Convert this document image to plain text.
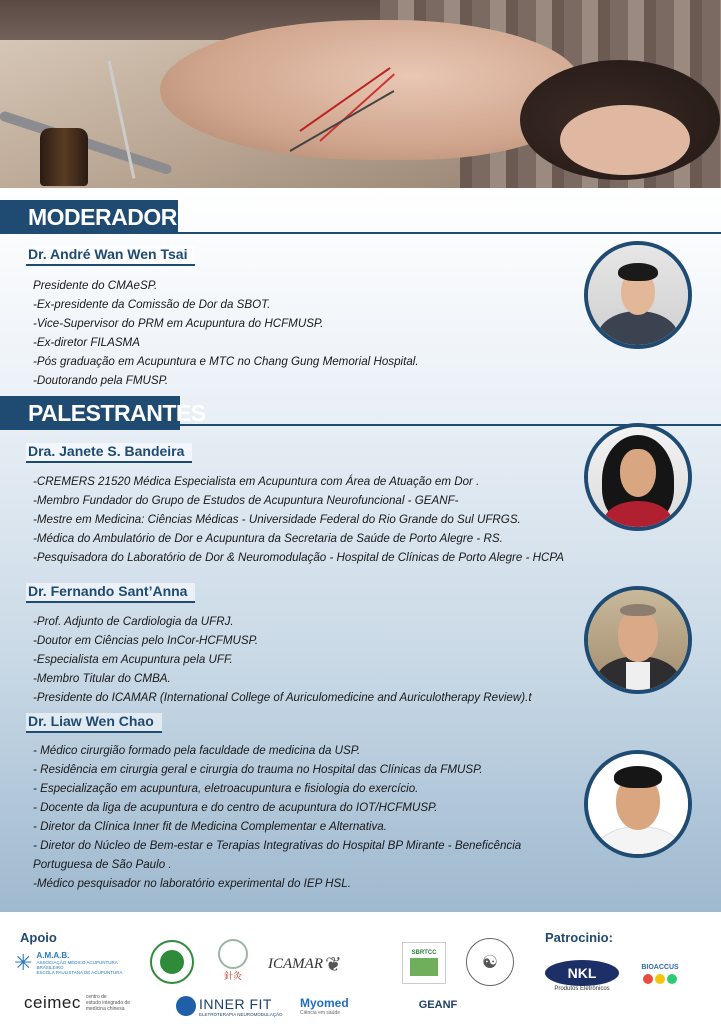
MODERADOR
Dr. André Wan Wen Tsai
Presidente do CMAeSP.
-Ex-presidente da Comissão de Dor da SBOT.
-Vice-Supervisor do PRM em Acupuntura do HCFMUSP.
-Ex-diretor FILASMA
-Pós graduação em Acupuntura e MTC no Chang Gung Memorial Hospital.
-Doutorando pela FMUSP.
PALESTRANTES
Dra. Janete S. Bandeira
-CREMERS 21520 Médica Especialista em Acupuntura com Área de Atuação em Dor .
-Membro Fundador do Grupo de Estudos de Acupuntura Neurofuncional - GEANF-
-Mestre em Medicina: Ciências Médicas - Universidade Federal do Rio Grande do Sul UFRGS.
-Médica do Ambulatório de Dor e Acupuntura da Secretaria de Saúde de Porto Alegre - RS.
-Pesquisadora do Laboratório de Dor & Neuromodulação - Hospital de Clínicas de Porto Alegre - HCPA
Dr. Fernando Sant’Anna
-Prof. Adjunto de Cardiologia da UFRJ.
-Doutor em Ciências pelo InCor-HCFMUSP.
-Especialista em Acupuntura pela UFF.
-Membro Titular do CMBA.
-Presidente do ICAMAR (International College of Auriculomedicine and Auriculotherapy Review).t
Dr. Liaw Wen Chao
- Médico cirurgião formado pela faculdade de medicina da USP.
- Residência em cirurgia geral e cirurgia do trauma no Hospital das Clínicas da FMUSP.
- Especialização em acupuntura, eletroacupuntura e fisiologia do exercício.
- Docente da liga de acupuntura e do centro de acupuntura do IOT/HCFMUSP.
- Diretor da Clínica Inner fit de Medicina Complementar e Alternativa.
- Diretor do Núcleo de Bem-estar e Terapias Integrativas do Hospital BP Mirante - Beneficência
Portuguesa de São Paulo .
-Médico pesquisador no laboratório experimental do IEP HSL.
Apoio	Patrocinio:
✳ A.M.A.B.
ASSOCIAÇÃO MÉDICO ACUPUNTURA BRASILEIRO
ESCOLA PAULISTANA DE ACUPUNTURA	針灸
ICAMAR ❦
SBRTCC	☯
NKL
Produtos Eletrônicos
BIOACCUS
ceimec centro de
estudo integrado de
medicina chinesa	INNER FIT
ELETROTERAPIA NEUROMODULAÇÃO
Myomed
Ciência em saúde
GEANF
